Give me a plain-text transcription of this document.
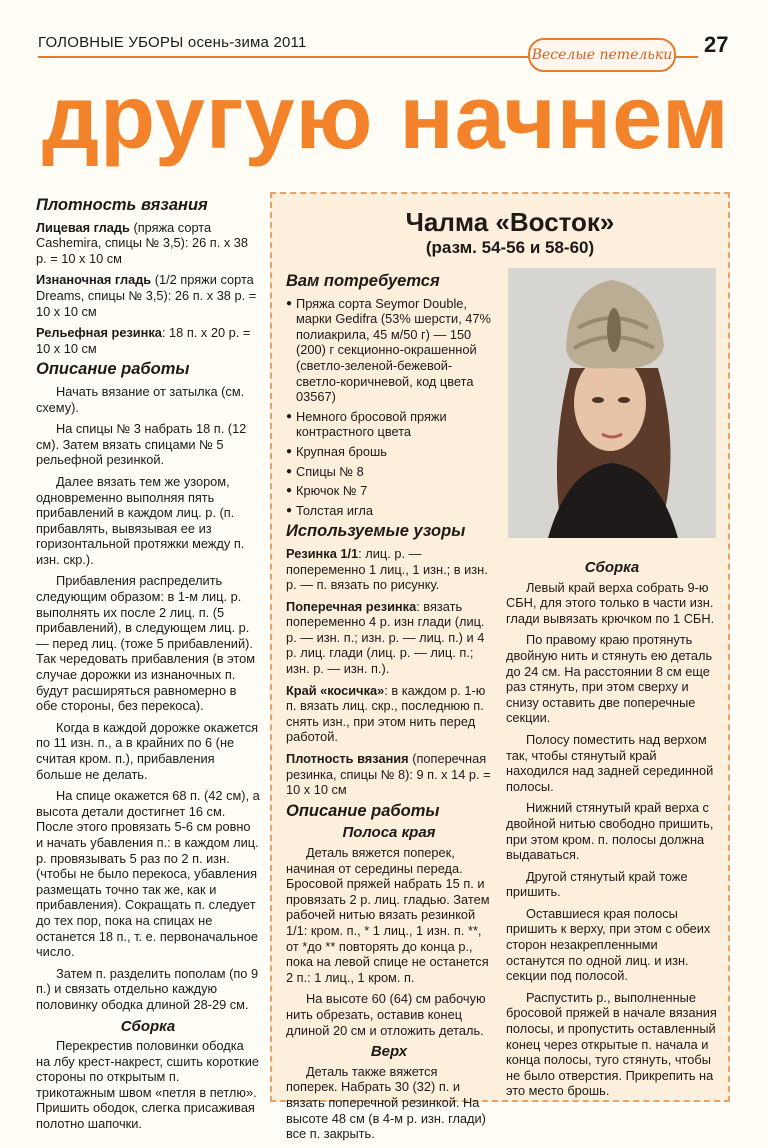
ГОЛОВНЫЕ УБОРЫ осень-зима 2011
Веселые петельки 27
другую начнем
Плотность вязания

Лицевая гладь (пряжа сорта Cashemira, спицы № 3,5): 26 п. х 38 р. = 10 х 10 см

Изнаночная гладь (1/2 пряжи сорта Dreams, спицы № 3,5): 26 п. х 38 р. = 10 х 10 см

Рельефная резинка: 18 п. х 20 р. = 10 х 10 см

Описание работы

Начать вязание от затылка (см. схему).

На спицы № 3 набрать 18 п. (12 см). Затем вязать спицами № 5 рельефной резинкой.

Далее вязать тем же узором, одновременно выполняя пять прибавлений в каждом лиц. р. (п. прибавлять, вывязывая ее из горизонтальной протяжки между п. изн. скр.).

Прибавления распределить следующим образом: в 1-м лиц. р. выполнять их после 2 лиц. п. (5 прибавлений), в следующем лиц. р. — перед лиц. (тоже 5 прибавлений). Так чередовать прибавления (в этом случае дорожки из изнаночных п. будут расширяться равномерно в обе стороны, без перекоса).

Когда в каждой дорожке окажется по 11 изн. п., а в крайних по 6 (не считая кром. п.), прибавления больше не делать.

На спице окажется 68 п. (42 см), а высота детали достигнет 16 см. После этого провязать 5-6 см ровно и начать убавления п.: в каждом лиц. р. провязывать 5 раз по 2 п. изн. (чтобы не было перекоса, убавления размещать точно так же, как и прибавления). Сокращать п. следует до тех пор, пока на спицах не останется 18 п., т. е. первоначальное число.

Затем п. разделить пополам (по 9 п.) и связать отдельно каждую половинку ободка длиной 28-29 см.

Сборка

Перекрестив половинки ободка на лбу крест-накрест, сшить короткие стороны по открытым п. трикотажным швом «петля в петлю». Пришить ободок, слегка присаживая полотно шапочки.

Чалма «Восток»
(разм. 54-56 и 58-60)
Вам потребуется
● Пряжа сорта Seymor Double, марки Gedifra (53% шерсти, 47% полиакрила, 45 м/50 г) — 150 (200) г секционно-окрашенной (светло-зеленой-бежевой-светло-коричневой, код цвета 03567)
● Немного бросовой пряжи контрастного цвета
● Крупная брошь
● Спицы № 8
● Крючок № 7
● Толстая игла
Используемые узоры

Резинка 1/1: лиц. р. — попеременно 1 лиц., 1 изн.; в изн. р. — п. вязать по рисунку.

Поперечная резинка: вязать попеременно 4 р. изн глади (лиц. р. — изн. п.; изн. р. — лиц. п.) и 4 р. лиц. глади (лиц. р. — лиц. п.; изн. р. — изн. п.).

Край «косичка»: в каждом р. 1-ю п. вязать лиц. скр., последнюю п. снять изн., при этом нить перед работой.

Плотность вязания (поперечная резинка, спицы № 8): 9 п. х 14 р. = 10 х 10 см

Описание работы
Полоса края

Деталь вяжется поперек, начиная от середины переда. Бросовой пряжей набрать 15 п. и провязать 2 р. лиц. гладью. Затем рабочей нитью вязать резинкой 1/1: кром. п., * 1 лиц., 1 изн. п. **, от *до ** повторять до конца р., пока на левой спице не останется 2 п.: 1 лиц., 1 кром. п.

На высоте 60 (64) см рабочую нить обрезать, оставив конец длиной 20 см и отложить деталь.

Верх

Деталь также вяжется поперек. Набрать 30 (32) п. и вязать поперечной резинкой. На высоте 48 см (в 4-м р. изн. глади) все п. закрыть.

Сборка

Левый край верха собрать 9-ю СБН, для этого только в части изн. глади вывязать крючком по 1 СБН.

По правому краю протянуть двойную нить и стянуть ею деталь до 24 см. На расстоянии 8 см еще раз стянуть, при этом сверху и снизу оставить две поперечные секции.

Полосу поместить над верхом так, чтобы стянутый край находился над задней серединной полосы.

Нижний стянутый край верха с двойной нитью свободно пришить, при этом кром. п. полосы должна выдаваться.

Другой стянутый край тоже пришить.

Оставшиеся края полосы пришить к верху, при этом с обеих сторон незакрепленными останутся по одной лиц. и изн. секции под полосой.

Распустить р., выполненные бросовой пряжей в начале вязания полосы, и пропустить оставленный конец через открытые п. начала и конца полосы, туго стянуть, чтобы не было отверстия. Прикрепить на это место брошь.
